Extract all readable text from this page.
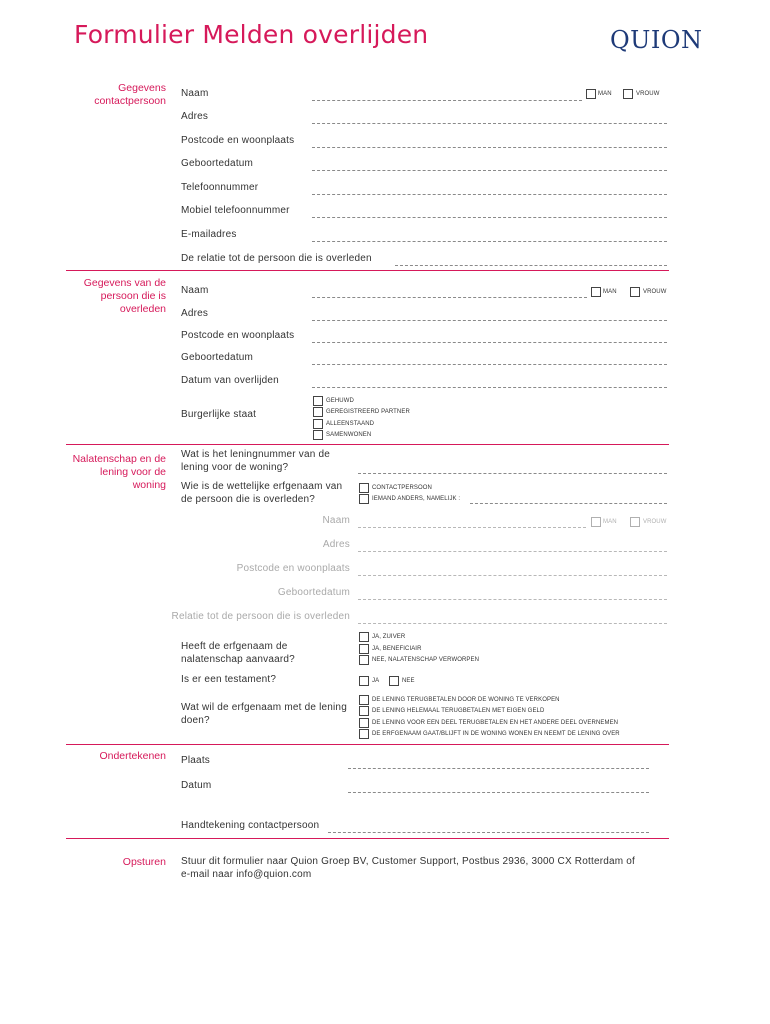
Formulier Melden overlijden	QUION
Gegevens contactpersoon
Naam	MAN	VROUW
Adres
Postcode en woonplaats
Geboortedatum
Telefoonnummer
Mobiel telefoonnummer
E-mailadres
De relatie tot de persoon die is overleden
Gegevens van de persoon die is overleden
Naam	MAN	VROUW
Adres
Postcode en woonplaats
Geboortedatum
Datum van overlijden
Burgerlijke staat
GEHUWD
GEREGISTREERD PARTNER
ALLEENSTAAND
SAMENWONEN
Nalatenschap en de lening voor de woning
Wat is het leningnummer van de lening voor de woning?
Wie is de wettelijke erfgenaam van de persoon die is overleden?
CONTACTPERSOON
IEMAND ANDERS, NAMELIJK :
Naam	MAN	VROUW
Adres
Postcode en woonplaats
Geboortedatum
Relatie tot de persoon die is overleden
Heeft de erfgenaam de nalatenschap aanvaard?
JA, ZUIVER
JA, BENEFICIAIR
NEE, NALATENSCHAP VERWORPEN
Is er een testament?	JA	NEE
Wat wil de erfgenaam met de lening doen?
DE LENING TERUGBETALEN DOOR DE WONING TE VERKOPEN
DE LENING HELEMAAL TERUGBETALEN MET EIGEN GELD
DE LENING VOOR EEN DEEL TERUGBETALEN EN HET ANDERE DEEL OVERNEMEN
DE ERFGENAAM GAAT/BLIJFT IN DE WONING WONEN EN NEEMT DE LENING OVER
Ondertekenen Plaats
Datum
Handtekening contactpersoon
Opsturen Stuur dit formulier naar Quion Groep BV, Customer Support, Postbus 2936, 3000 CX Rotterdam of e-mail naar info@quion.com
